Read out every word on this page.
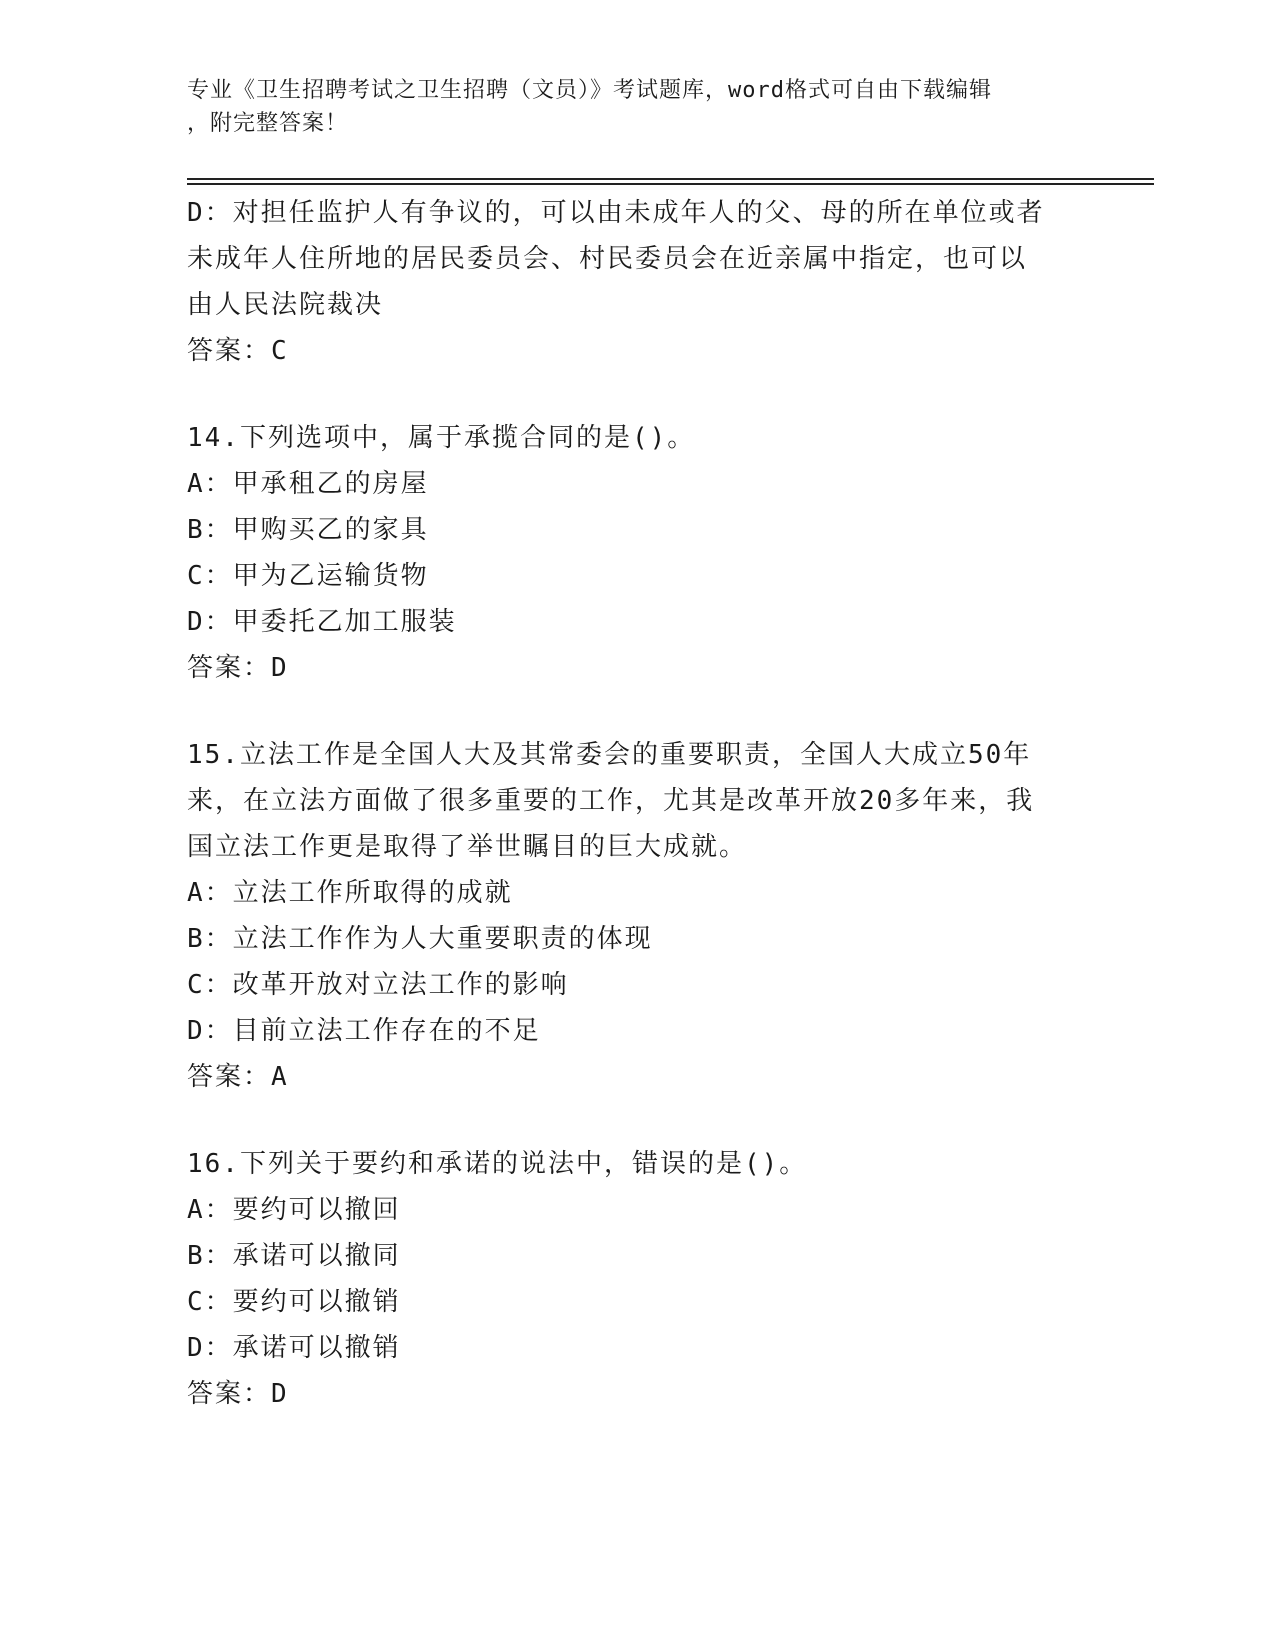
专业《卫生招聘考试之卫生招聘（文员）》考试题库，word格式可自由下载编辑
，附完整答案！
D：对担任监护人有争议的，可以由未成年人的父、母的所在单位或者
未成年人住所地的居民委员会、村民委员会在近亲属中指定，也可以
由人民法院裁决
答案：C
14.下列选项中，属于承揽合同的是()。
A：甲承租乙的房屋
B：甲购买乙的家具
C：甲为乙运输货物
D：甲委托乙加工服装
答案：D
15.立法工作是全国人大及其常委会的重要职责，全国人大成立50年
来，在立法方面做了很多重要的工作，尤其是改革开放20多年来，我
国立法工作更是取得了举世瞩目的巨大成就。
A：立法工作所取得的成就
B：立法工作作为人大重要职责的体现
C：改革开放对立法工作的影响
D：目前立法工作存在的不足
答案：A
16.下列关于要约和承诺的说法中，错误的是()。
A：要约可以撤回
B：承诺可以撤同
C：要约可以撤销
D：承诺可以撤销
答案：D
